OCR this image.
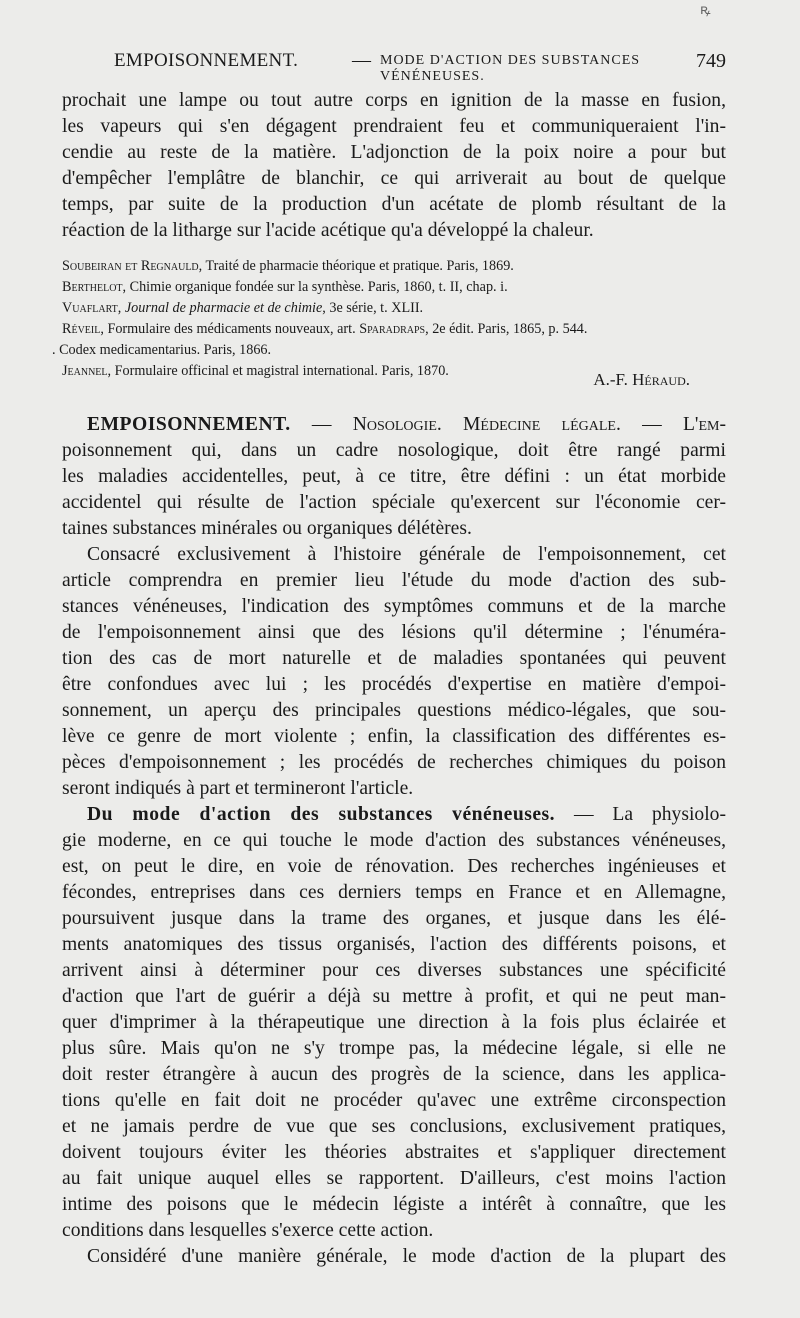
ꝶ
EMPOISONNEMENT.	— MODE D'ACTION DES SUBSTANCES VÉNÉNEUSES.
749
prochait une lampe ou tout autre corps en ignition de la masse en fusion,
les vapeurs qui s'en dégagent prendraient feu et communiqueraient l'in-
cendie au reste de la matière. L'adjonction de la poix noire a pour but
d'empêcher l'emplâtre de blanchir, ce qui arriverait au bout de quelque
temps, par suite de la production d'un acétate de plomb résultant de la
réaction de la litharge sur l'acide acétique qu'a développé la chaleur.
Soubeiran et Regnauld, Traité de pharmacie théorique et pratique. Paris, 1869.
Berthelot, Chimie organique fondée sur la synthèse. Paris, 1860, t. II, chap. i.
Vuaflart, Journal de pharmacie et de chimie, 3e série, t. XLII.
Réveil, Formulaire des médicaments nouveaux, art. Sparadraps, 2e édit. Paris, 1865, p. 544.
. Codex medicamentarius. Paris, 1866.
Jeannel, Formulaire officinal et magistral international. Paris, 1870.	A.-F. Héraud.
EMPOISONNEMENT. — Nosologie. Médecine légale. — L'em-
poisonnement qui, dans un cadre nosologique, doit être rangé parmi
les maladies accidentelles, peut, à ce titre, être défini : un état morbide
accidentel qui résulte de l'action spéciale qu'exercent sur l'économie cer-
taines substances minérales ou organiques délétères.
Consacré exclusivement à l'histoire générale de l'empoisonnement, cet
article comprendra en premier lieu l'étude du mode d'action des sub-
stances vénéneuses, l'indication des symptômes communs et de la marche
de l'empoisonnement ainsi que des lésions qu'il détermine ; l'énuméra-
tion des cas de mort naturelle et de maladies spontanées qui peuvent
être confondues avec lui ; les procédés d'expertise en matière d'empoi-
sonnement, un aperçu des principales questions médico-légales, que sou-
lève ce genre de mort violente ; enfin, la classification des différentes es-
pèces d'empoisonnement ; les procédés de recherches chimiques du poison
seront indiqués à part et termineront l'article.
Du mode d'action des substances vénéneuses. — La physiolo-
gie moderne, en ce qui touche le mode d'action des substances vénéneuses,
est, on peut le dire, en voie de rénovation. Des recherches ingénieuses et
fécondes, entreprises dans ces derniers temps en France et en Allemagne,
poursuivent jusque dans la trame des organes, et jusque dans les élé-
ments anatomiques des tissus organisés, l'action des différents poisons, et
arrivent ainsi à déterminer pour ces diverses substances une spécificité
d'action que l'art de guérir a déjà su mettre à profit, et qui ne peut man-
quer d'imprimer à la thérapeutique une direction à la fois plus éclairée et
plus sûre. Mais qu'on ne s'y trompe pas, la médecine légale, si elle ne
doit rester étrangère à aucun des progrès de la science, dans les applica-
tions qu'elle en fait doit ne procéder qu'avec une extrême circonspection
et ne jamais perdre de vue que ses conclusions, exclusivement pratiques,
doivent toujours éviter les théories abstraites et s'appliquer directement
au fait unique auquel elles se rapportent. D'ailleurs, c'est moins l'action
intime des poisons que le médecin légiste a intérêt à connaître, que les
conditions dans lesquelles s'exerce cette action.
Considéré d'une manière générale, le mode d'action de la plupart des
